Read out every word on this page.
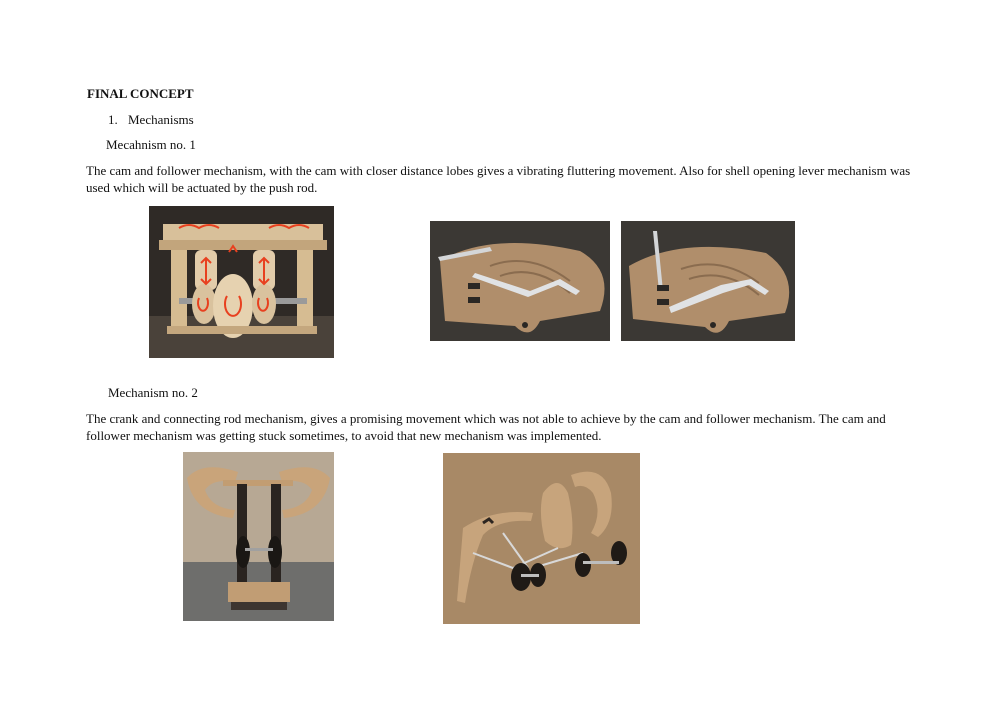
FINAL CONCEPT
1. Mechanisms
Mecahnism no. 1
The cam and follower mechanism, with the cam with closer distance lobes gives a vibrating fluttering movement. Also for shell opening lever mechanism was used which will be actuated by the push rod.
Mechanism no. 2
The crank and connecting rod mechanism, gives a promising movement which was not able to achieve by the cam and follower mechanism. The cam and follower mechanism was getting stuck sometimes, to avoid that new mechanism was implemented.
